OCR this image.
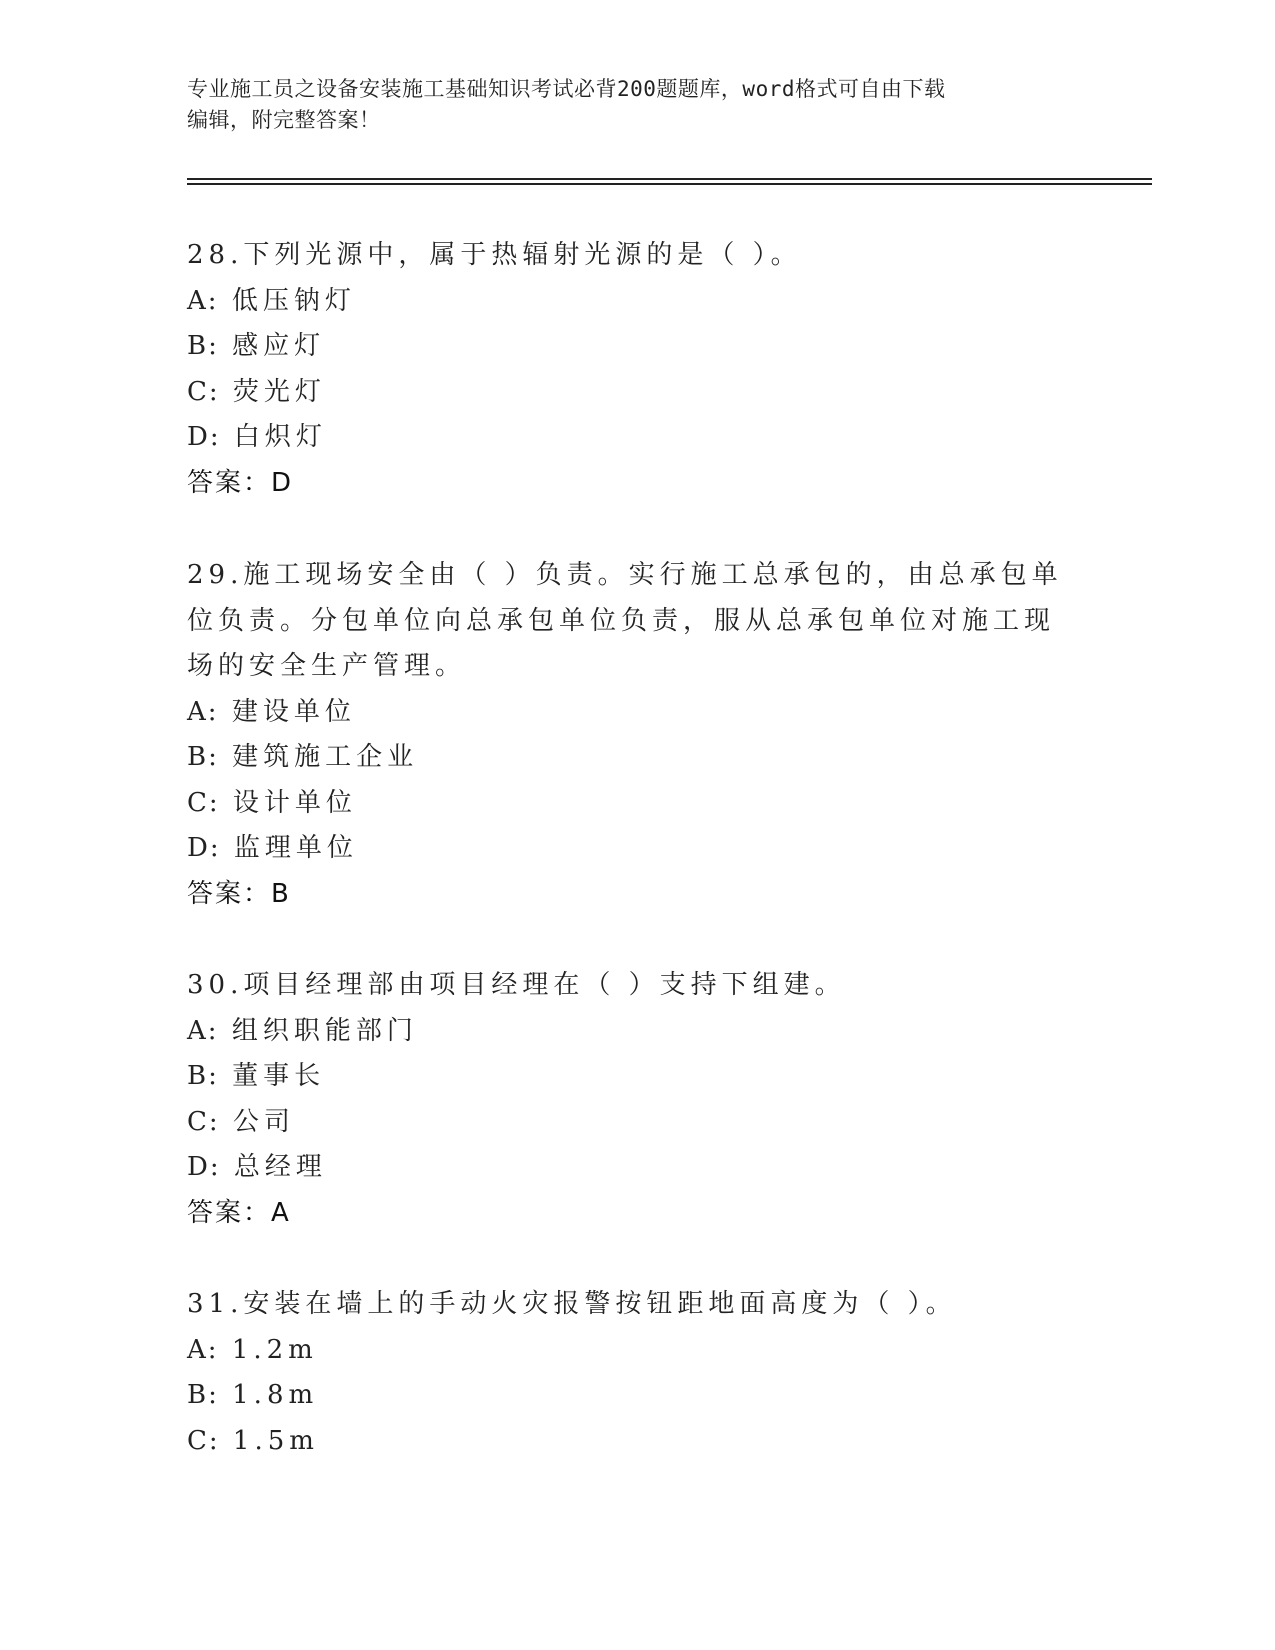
专业施工员之设备安装施工基础知识考试必背200题题库，word格式可自由下载
编辑，附完整答案！
28.下列光源中，属于热辐射光源的是（ ）。
A: 低压钠灯
B: 感应灯
C: 荧光灯
D: 白炽灯
答案：D
29.施工现场安全由（ ）负责。实行施工总承包的，由总承包单位负责。分包单位向总承包单位负责，服从总承包单位对施工现场的安全生产管理。
A: 建设单位
B: 建筑施工企业
C: 设计单位
D: 监理单位
答案：B
30.项目经理部由项目经理在（ ）支持下组建。
A: 组织职能部门
B: 董事长
C: 公司
D: 总经理
答案：A
31.安装在墙上的手动火灾报警按钮距地面高度为（ ）。
A: 1.2m
B: 1.8m
C: 1.5m
